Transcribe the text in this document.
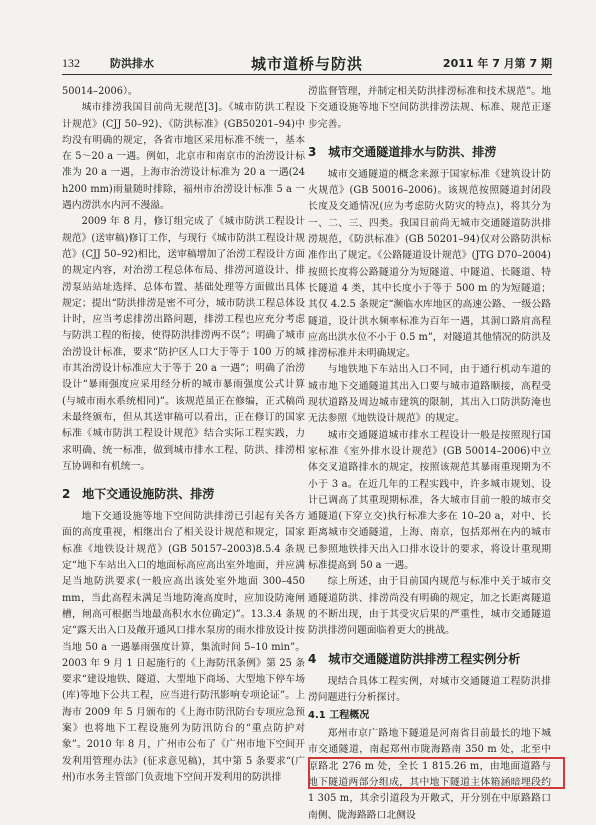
132	防洪排水	城市道桥与防洪	2011 年 7 月第 7 期

50014–2006）。

城市排涝我国目前尚无规范[3]。《城市防洪工程设计规范》(CJJ 50–92)、《防洪标准》(GB50201–94)中均没有明确的规定，各省市地区采用标准不统一，基本在 5～20 a 一遇。例如，北京市和南京市的治涝设计标准为 20 a 一遇，上海市治涝设计标准为 20 a 一遇(24 h200 mm)雨量随时排除，福州市治涝设计标准 5 a 一遇内涝洪水内河不漫溢。

2009 年 8 月，修订组完成了《城市防洪工程设计规范》(送审稿)修订工作，与现行《城市防洪工程设计规范》(CJJ 50–92)相比，送审稿增加了治涝工程设计方面的规定内容，对治涝工程总体布局、排涝河道设计、排涝泵站站址选择、总体布置、基础处理等方面做出具体规定；提出“防洪排涝是密不可分，城市防洪工程总体设计时，应当考虑排涝出路问题，排涝工程也应充分考虑与防洪工程的衔接，使得防洪排涝两不误”；明确了城市治涝设计标准，要求“防护区人口大于等于 100 万的城市其治涝设计标准应大于等于 20 a 一遇”；明确了治涝设计“暴雨强度应采用经分析的城市暴雨强度公式计算(与城市雨水系统相同)”。该规范虽正在修编，正式稿尚未最终颁布，但从其送审稿可以看出，正在修订的国家标准《城市防洪工程设计规范》结合实际工程实践，力求明确、统一标准，做到城市排水工程、防洪、排涝相互协调和有机统一。

2 地下交通设施防洪、排涝

地下交通设施等地下空间防洪排涝已引起有关各方面的高度重视，相继出台了相关设计规范和规定，国家标准《地铁设计规范》(GB 50157–2003)8.5.4 条规定“地下车站出入口的地面标高应高出室外地面，并应满足当地防洪要求(一般应高出该处室外地面 300–450 mm，当此高程未满足当地防淹高度时，应加设防淹闸槽，闸高可根据当地最高积水水位确定)”。13.3.4 条规定“露天出入口及敞开通风口排水泵房的雨水排放设计按当地 50 a 一遇暴雨强度计算，集流时间 5–10 min”。2003 年 9 月 1 日起施行的《上海防汛条例》第 25 条要求“建设地铁、隧道、大型地下商场、大型地下停车场(库)等地下公共工程，应当进行防汛影响专项论证”。上海市 2009 年 5 月颁布的《上海市防汛防台专项应急预案》也将地下工程设施列为防汛防台的“重点防护对象”。2010 年 8 月，广州市公布了《广州市地下空间开发利用管理办法》(征求意见稿)，其中第 5 条要求“(广州)市水务主管部门负责地下空间开发利用的防洪排

涝监督管理，并制定相关防洪排涝标准和技术规范”。地下交通设施等地下空间防洪排涝法规、标准、规范正逐步完善。

3 城市交通隧道排水与防洪、排涝

城市交通隧道的概念来源于国家标准《建筑设计防火规范》(GB 50016–2006)。该规范按照隧道封闭段长度及交通情况(应为考虑防火防灾的特点)，将其分为一、二、三、四类。我国目前尚无城市交通隧道防洪排涝规范，《防洪标准》(GB 50201–94)仅对公路防洪标准作出了规定。《公路隧道设计规范》(JTG D70–2004)按照长度将公路隧道分为短隧道、中隧道、长隧道、特长隧道 4 类，其中长度小于等于 500 m 的为短隧道；其仅 4.2.5 条规定“濒临水库地区的高速公路、一级公路隧道，设计洪水频率标准为百年一遇，其洞口路肩高程应高出洪水位不小于 0.5 m”，对隧道其他情况的防洪及排涝标准并未明确规定。

与地铁地下车站出入口不同，由于通行机动车道的城市地下交通隧道其出入口要与城市道路顺接，高程受现状道路及周边城市建筑的限制，其出入口防洪防淹也无法参照《地铁设计规范》的规定。

城市交通隧道城市排水工程设计一般是按照现行国家标准《室外排水设计规范》(GB 50014–2006)中立体交叉道路排水的规定，按照该规范其暴雨重现期为不小于 3 a。在近几年的工程实践中，许多城市规划、设计已调高了其重现期标准，各大城市目前一般的城市交通隧道(下穿立交)执行标准大多在 10–20 a，对中、长距离城市交通隧道，上海、南京，包括郑州在内的城市已参照地铁排天出入口排水设计的要求，将设计重现期标准提高到 50 a 一遇。

综上所述，由于目前国内规范与标准中关于城市交通隧道防洪、排涝尚没有明确的规定，加之长距离隧道的不断出现，由于其受灾后果的严重性，城市交通隧道防洪排涝问题面临着更大的挑战。

4 城市交通隧道防洪排涝工程实例分析

现结合具体工程实例，对城市交通隧道工程防洪排涝问题进行分析探讨。

4.1 工程概况

郑州市京广路地下隧道是河南省目前最长的地下城市交通隧道，南起郑州市陇海路南 350 m 处，北至中原路北 276 m 处，全长 1 815.26 m，由地面道路与地下隧道两部分组成，其中地下隧道主体箱涵暗埋段约 1 305 m，其余引道段为开敞式，开分别在中原路路口南侧、陇海路路口北侧设
